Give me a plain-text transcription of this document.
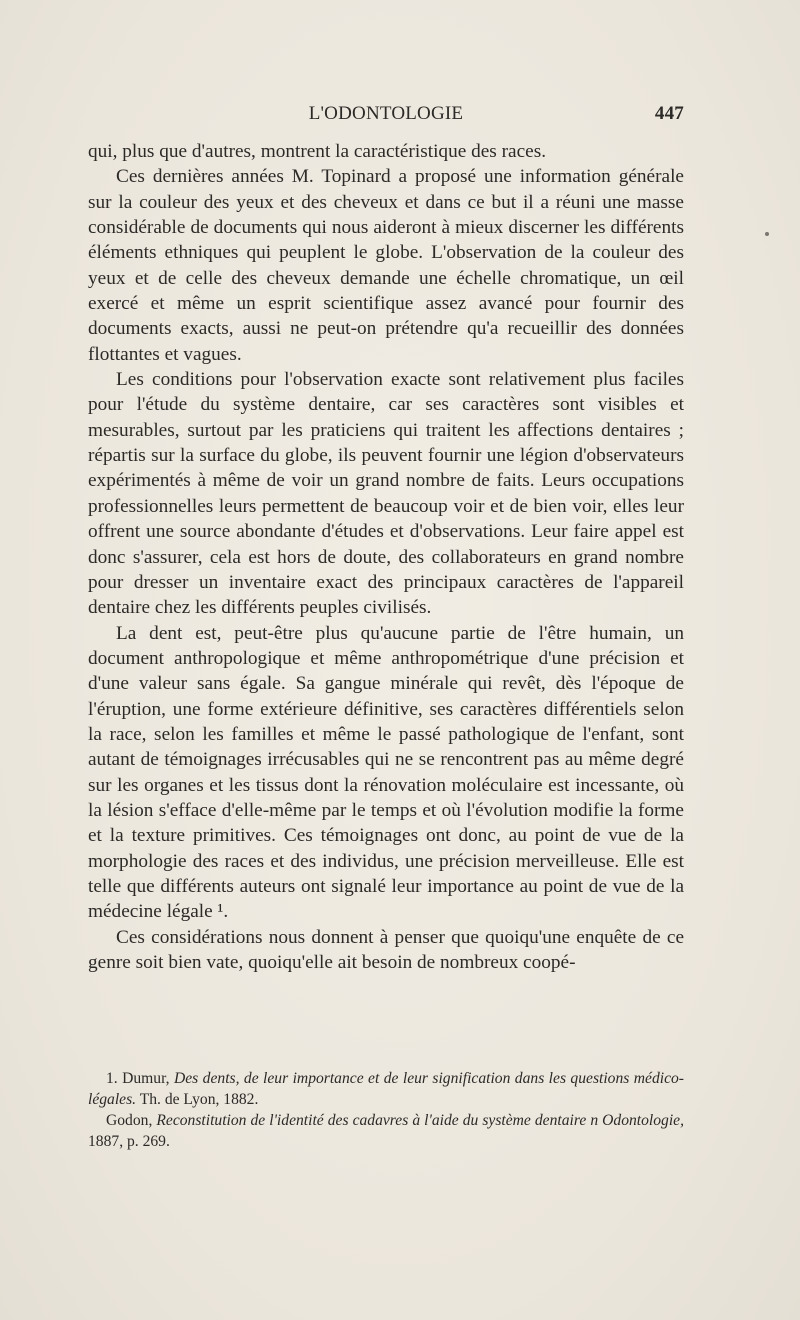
L'ODONTOLOGIE	447

qui, plus que d'autres, montrent la caractéristique des races.

Ces dernières années M. Topinard a proposé une information générale sur la couleur des yeux et des cheveux et dans ce but il a réuni une masse considérable de documents qui nous aideront à mieux discerner les différents éléments ethniques qui peuplent le globe. L'observation de la couleur des yeux et de celle des cheveux demande une échelle chromatique, un œil exercé et même un esprit scientifique assez avancé pour fournir des documents exacts, aussi ne peut-on prétendre qu'a recueillir des données flottantes et vagues.

Les conditions pour l'observation exacte sont relativement plus faciles pour l'étude du système dentaire, car ses caractères sont visibles et mesurables, surtout par les praticiens qui traitent les affections dentaires ; répartis sur la surface du globe, ils peuvent fournir une légion d'observateurs expérimentés à même de voir un grand nombre de faits. Leurs occupations professionnelles leurs permettent de beaucoup voir et de bien voir, elles leur offrent une source abondante d'études et d'observations. Leur faire appel est donc s'assurer, cela est hors de doute, des collaborateurs en grand nombre pour dresser un inventaire exact des principaux caractères de l'appareil dentaire chez les différents peuples civilisés.

La dent est, peut-être plus qu'aucune partie de l'être humain, un document anthropologique et même anthropométrique d'une précision et d'une valeur sans égale. Sa gangue minérale qui revêt, dès l'époque de l'éruption, une forme extérieure définitive, ses caractères différentiels selon la race, selon les familles et même le passé pathologique de l'enfant, sont autant de témoignages irrécusables qui ne se rencontrent pas au même degré sur les organes et les tissus dont la rénovation moléculaire est incessante, où la lésion s'efface d'elle-même par le temps et où l'évolution modifie la forme et la texture primitives. Ces témoignages ont donc, au point de vue de la morphologie des races et des individus, une précision merveilleuse. Elle est telle que différents auteurs ont signalé leur importance au point de vue de la médecine légale ¹.

Ces considérations nous donnent à penser que quoiqu'une enquête de ce genre soit bien vate, quoiqu'elle ait besoin de nombreux coopé-

1. Dumur, Des dents, de leur importance et de leur signification dans les questions médico-légales. Th. de Lyon, 1882.

Godon, Reconstitution de l'identité des cadavres à l'aide du système dentaire n Odontologie, 1887, p. 269.
